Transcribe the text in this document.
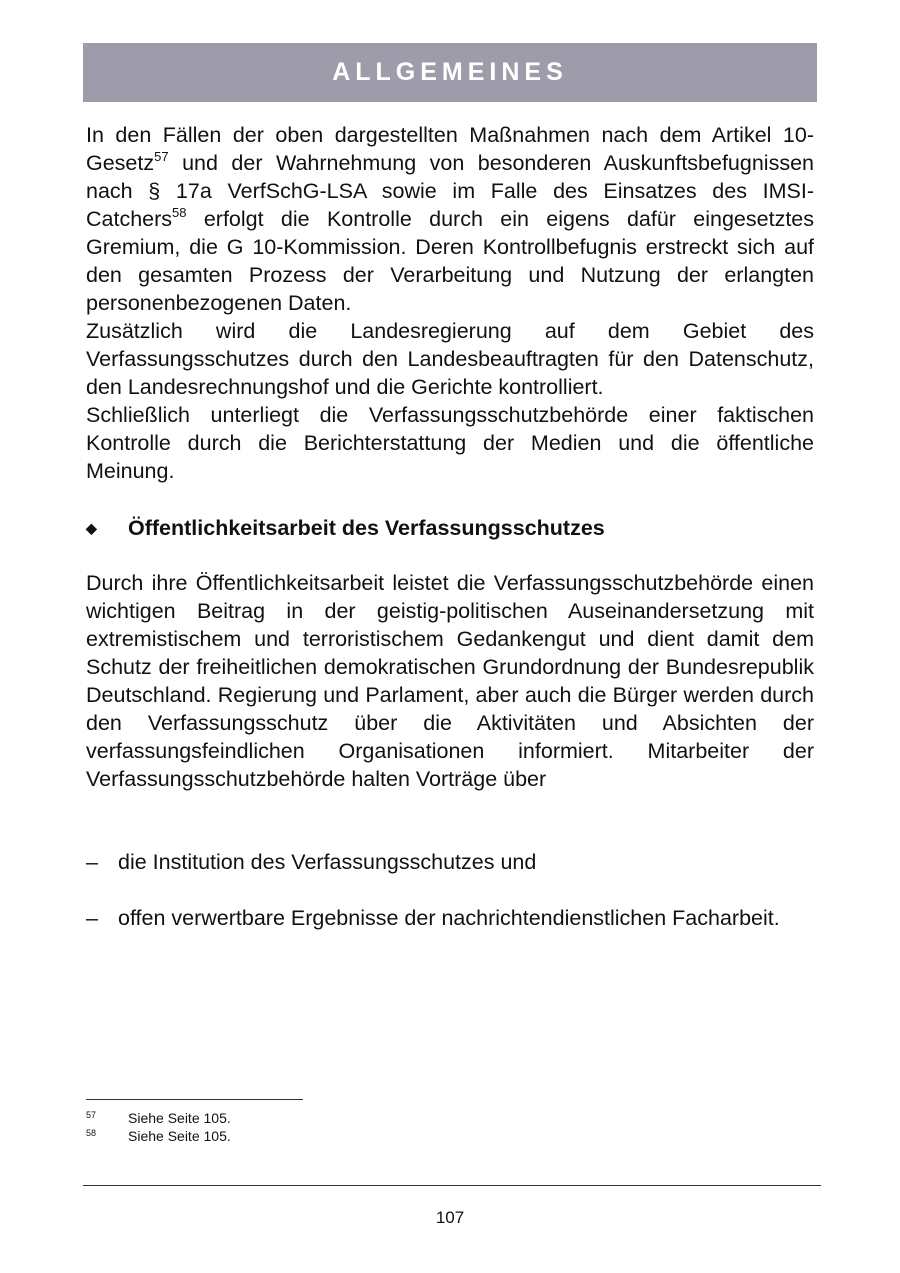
ALLGEMEINES

In den Fällen der oben dargestellten Maßnahmen nach dem Artikel 10-Gesetz$^{57}$ und der Wahrnehmung von besonderen Auskunftsbefugnissen nach § 17a VerfSchG-LSA sowie im Falle des Einsatzes des IMSI-Catchers$^{58}$ erfolgt die Kontrolle durch ein eigens dafür eingesetztes Gremium, die G 10-Kommission. Deren Kontrollbefugnis erstreckt sich auf den gesamten Prozess der Verarbeitung und Nutzung der erlangten personenbezogenen Daten.

Zusätzlich wird die Landesregierung auf dem Gebiet des Verfassungsschutzes durch den Landesbeauftragten für den Datenschutz, den Landesrechnungshof und die Gerichte kontrolliert.

Schließlich unterliegt die Verfassungsschutzbehörde einer faktischen Kontrolle durch die Berichterstattung der Medien und die öffentliche Meinung.

◆ Öffentlichkeitsarbeit des Verfassungsschutzes

Durch ihre Öffentlichkeitsarbeit leistet die Verfassungsschutzbehörde einen wichtigen Beitrag in der geistig-politischen Auseinandersetzung mit extremistischem und terroristischem Gedankengut und dient damit dem Schutz der freiheitlichen demokratischen Grundordnung der Bundesrepublik Deutschland. Regierung und Parlament, aber auch die Bürger werden durch den Verfassungsschutz über die Aktivitäten und Absichten der verfassungsfeindlichen Organisationen informiert. Mitarbeiter der Verfassungsschutzbehörde halten Vorträge über

– die Institution des Verfassungsschutzes und
– offen verwertbare Ergebnisse der nachrichtendienstlichen Facharbeit.
57 Siehe Seite 105.
58 Siehe Seite 105.
107
